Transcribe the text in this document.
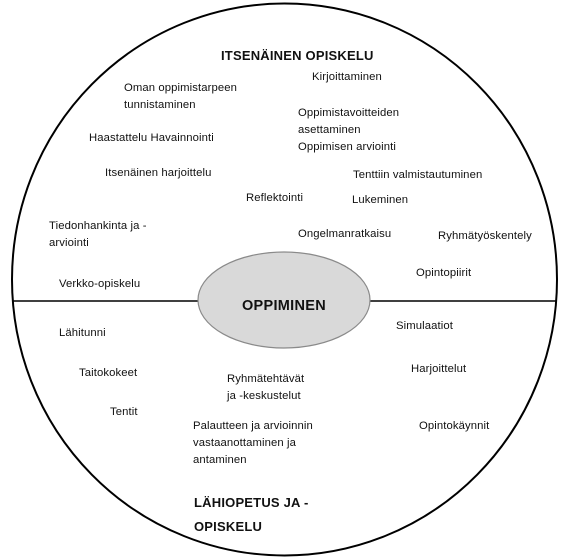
ITSENÄINEN OPISKELU
LÄHIOPETUS JA -
OPISKELU
OPPIMINEN
Oman oppimistarpeen
tunnistaminen
Kirjoittaminen
Oppimistavoitteiden
asettaminen
Oppimisen arviointi
Haastattelu Havainnointi
Itsenäinen harjoittelu	Tenttiin valmistautuminen
Reflektointi	Lukeminen
Tiedonhankinta ja -
arviointi
Ongelmanratkaisu	Ryhmätyöskentely
Opintopiirit
Verkko-opiskelu
Lähitunni
Simulaatiot
Taitokokeet	Harjoittelut
Ryhmätehtävät
ja -keskustelut
Tentit
Opintokäynnit
Palautteen ja arvioinnin
vastaanottaminen ja
antaminen
